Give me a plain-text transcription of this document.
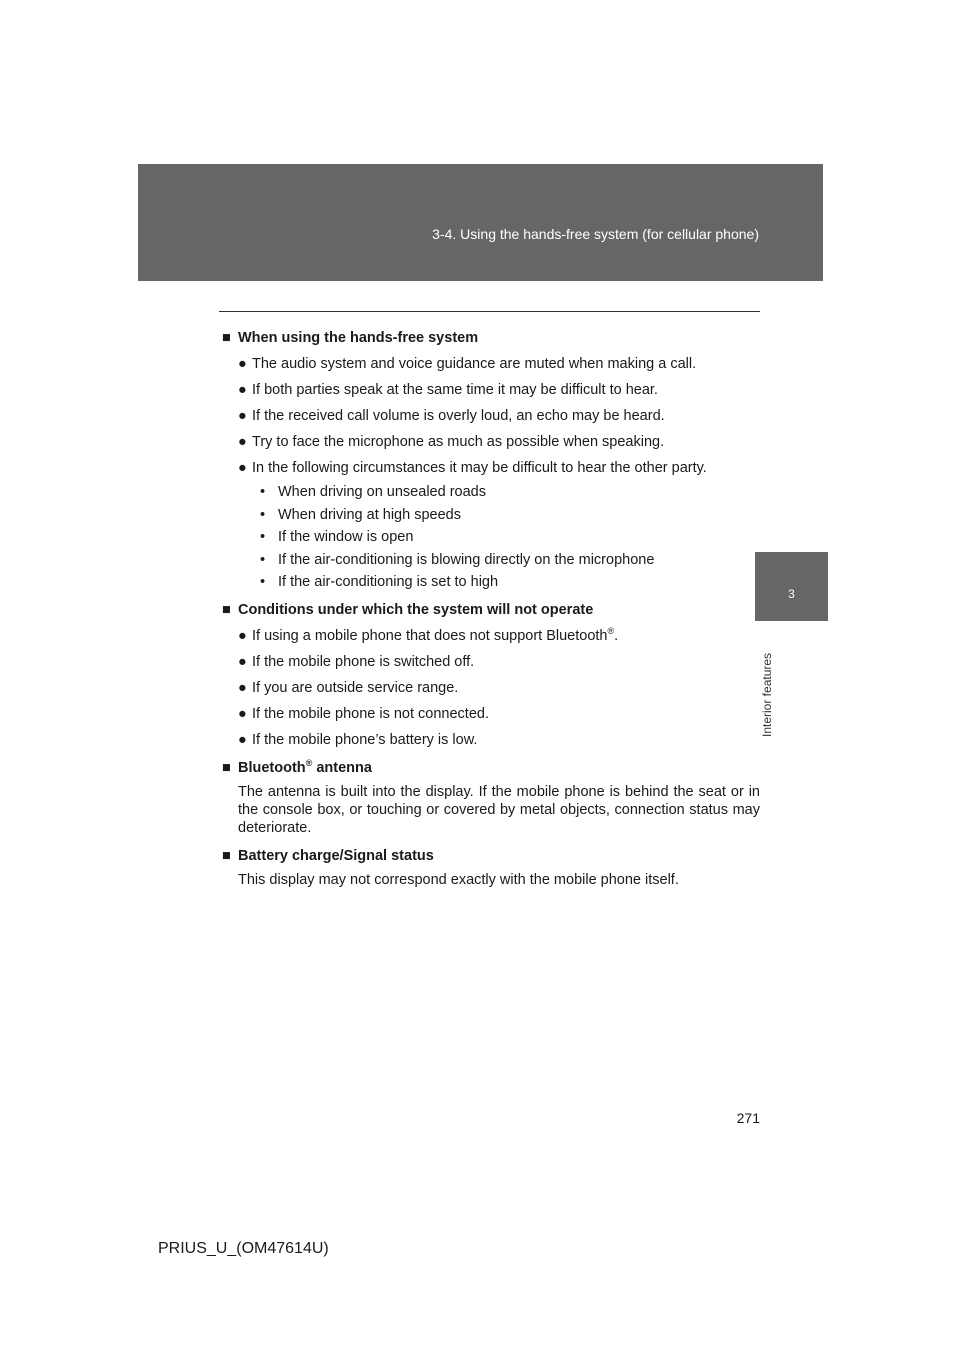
3-4. Using the hands-free system (for cellular phone)
3
Interior features

■ When using the hands-free system

● The audio system and voice guidance are muted when making a call.

● If both parties speak at the same time it may be difficult to hear.

● If the received call volume is overly loud, an echo may be heard.

● Try to face the microphone as much as possible when speaking.

● In the following circumstances it may be difficult to hear the other party.

• When driving on unsealed roads

• When driving at high speeds

• If the window is open

• If the air-conditioning is blowing directly on the microphone

• If the air-conditioning is set to high

■ Conditions under which the system will not operate

● If using a mobile phone that does not support Bluetooth®.

● If the mobile phone is switched off.

● If you are outside service range.

● If the mobile phone is not connected.

● If the mobile phone’s battery is low.

■ Bluetooth® antenna

The antenna is built into the display. If the mobile phone is behind the seat or in the console box, or touching or covered by metal objects, connection status may deteriorate.

■ Battery charge/Signal status

This display may not correspond exactly with the mobile phone itself.

271
PRIUS_U_(OM47614U)
